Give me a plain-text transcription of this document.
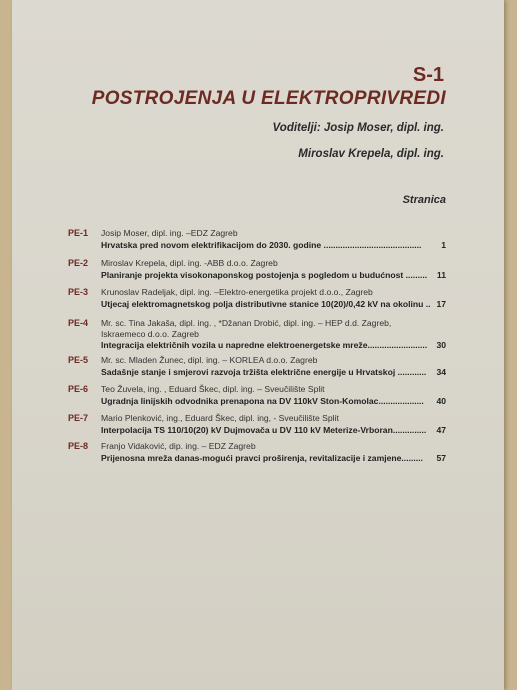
S-1
POSTROJENJA U ELEKTROPRIVREDI
Voditelji: Josip Moser, dipl. ing.
Miroslav Krepela, dipl. ing.
Stranica
PE-1 Josip Moser, dipl. ing. –EDZ Zagreb
Hrvatska pred novom elektrifikacijom do 2030. godine .........................................	1
PE-2 Miroslav Krepela, dipl. ing. -ABB d.o.o. Zagreb
Planiranje projekta visokonaponskog postojenja s pogledom u budućnost .........	11
PE-3 Krunoslav Radeljak, dipl. ing. –Elektro-energetika projekt d.o.o., Zagreb
Utjecaj elektromagnetskog polja distributivne stanice 10(20)/0,42 kV na okolinu .. 17
PE-4 Mr. sc. Tina Jakaša, dipl. ing. , *Džanan Drobić, dipl. ing. – HEP d.d. Zagreb,
Iskraemeco d.o.o. Zagreb
Integracija električnih vozila u napredne elektroenergetske mreže.........................	30
PE-5 Mr. sc. Mladen Žunec, dipl. ing. – KORLEA d.o.o. Zagreb
Sadašnje stanje i smjerovi razvoja tržišta električne energije u Hrvatskoj ............	34
PE-6 Teo Žuvela, ing. , Eduard Škec, dipl. ing. – Sveučilište Split
Ugradnja linijskih odvodnika prenapona na DV 110kV Ston-Komolac...................	40
PE-7 Mario Plenković, ing., Eduard Škec, dipl. ing, - Sveučilište Split
Interpolacija TS 110/10(20) kV Dujmovača u DV 110 kV Meterize-Vrboran..............	47
PE-8 Franjo Vidaković, dip. ing. – EDZ Zagreb
Prijenosna mreža danas-mogući pravci proširenja, revitalizacije i zamjene.........	57
